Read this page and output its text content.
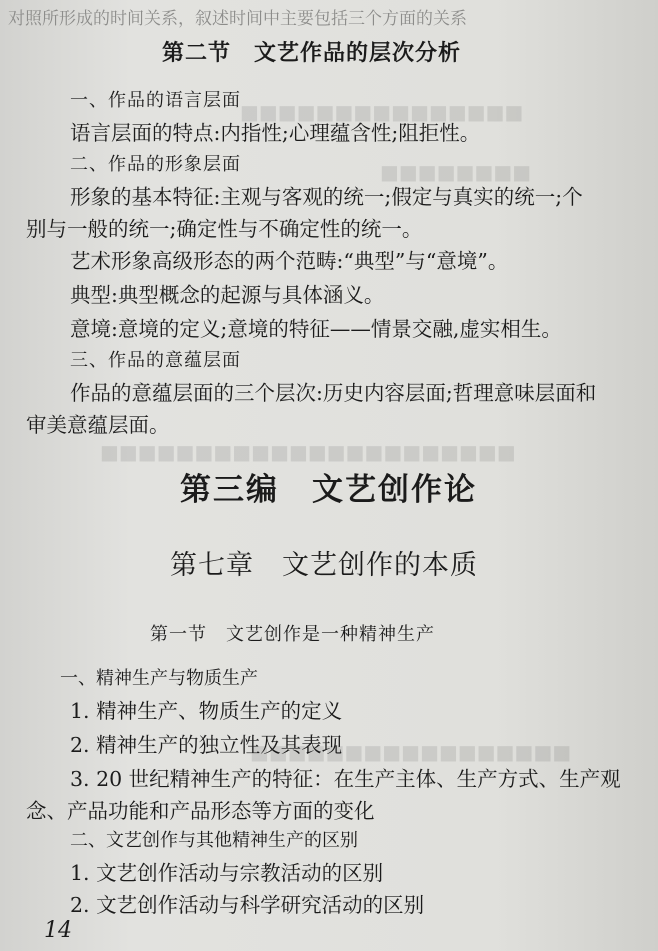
■■■■■■■■■■■■■■■
■■■■■■■■
■■■■■■■■■■■■■■■■■■■■■■
■■■■■■■■■■■■■■■■■
对照所形成的时间关系，叙述时间中主要包括三个方面的关系
第二节　文艺作品的层次分析
一、作品的语言层面
语言层面的特点:内指性;心理蕴含性;阻拒性。
二、作品的形象层面
形象的基本特征:主观与客观的统一;假定与真实的统一;个
别与一般的统一;确定性与不确定性的统一。
艺术形象高级形态的两个范畴:“典型”与“意境”。
典型:典型概念的起源与具体涵义。
意境:意境的定义;意境的特征——情景交融,虚实相生。
三、作品的意蕴层面
作品的意蕴层面的三个层次:历史内容层面;哲理意味层面和
审美意蕴层面。
第三编　文艺创作论
第七章　文艺创作的本质
第一节　文艺创作是一种精神生产
一、精神生产与物质生产
1. 精神生产、物质生产的定义
2. 精神生产的独立性及其表现
3. 20 世纪精神生产的特征：在生产主体、生产方式、生产观
念、产品功能和产品形态等方面的变化
二、文艺创作与其他精神生产的区别
1. 文艺创作活动与宗教活动的区别
2. 文艺创作活动与科学研究活动的区别
14
